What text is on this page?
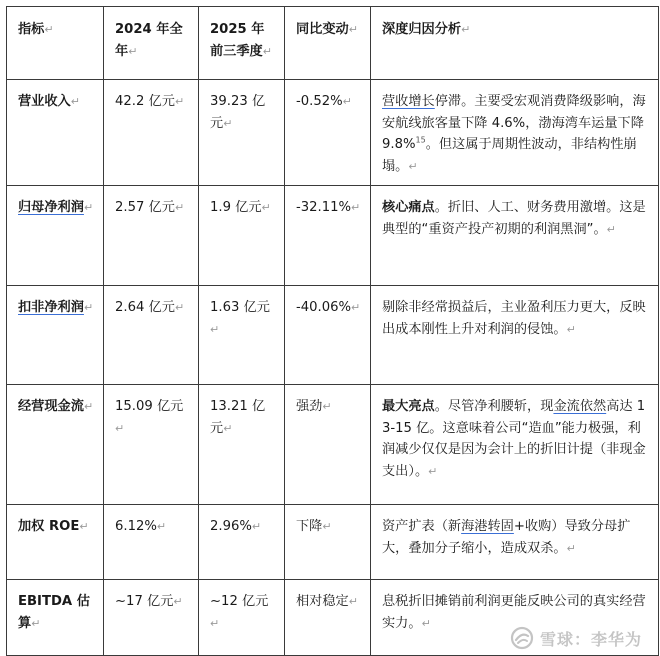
指标↵	2024 年全年↵	2025 年前三季度↵	同比变动↵	深度归因分析↵
营业收入↵	42.2 亿元↵	39.23 亿元↵	-0.52%↵	营收增长停滞。主要受宏观消费降级影响，海安航线旅客量下降 4.6%，渤海湾车运量下降 9.8%$^{15}$。但这属于周期性波动，非结构性崩塌。↵
归母净利润↵	2.57 亿元↵	1.9 亿元↵	-32.11%↵	核心痛点。折旧、人工、财务费用激增。这是典型的“重资产投产初期的利润黑洞”。↵
扣非净利润↵	2.64 亿元↵	1.63 亿元↵	-40.06%↵	剔除非经常损益后，主业盈利压力更大，反映出成本刚性上升对利润的侵蚀。↵
经营现金流↵	15.09 亿元↵	13.21 亿元↵	强劲↵	最大亮点。尽管净利腰斩，现金流依然高达 13-15 亿。这意味着公司“造血”能力极强，利润减少仅仅是因为会计上的折旧计提（非现金支出）。↵
加权 ROE↵	6.12%↵	2.96%↵	下降↵	资产扩表（新海港转固+收购）导致分母扩大，叠加分子缩小，造成双杀。↵
EBITDA 估算↵	~17 亿元↵	~12 亿元↵	相对稳定↵	息税折旧摊销前利润更能反映公司的真实经营实力。↵
雪球：李华为
